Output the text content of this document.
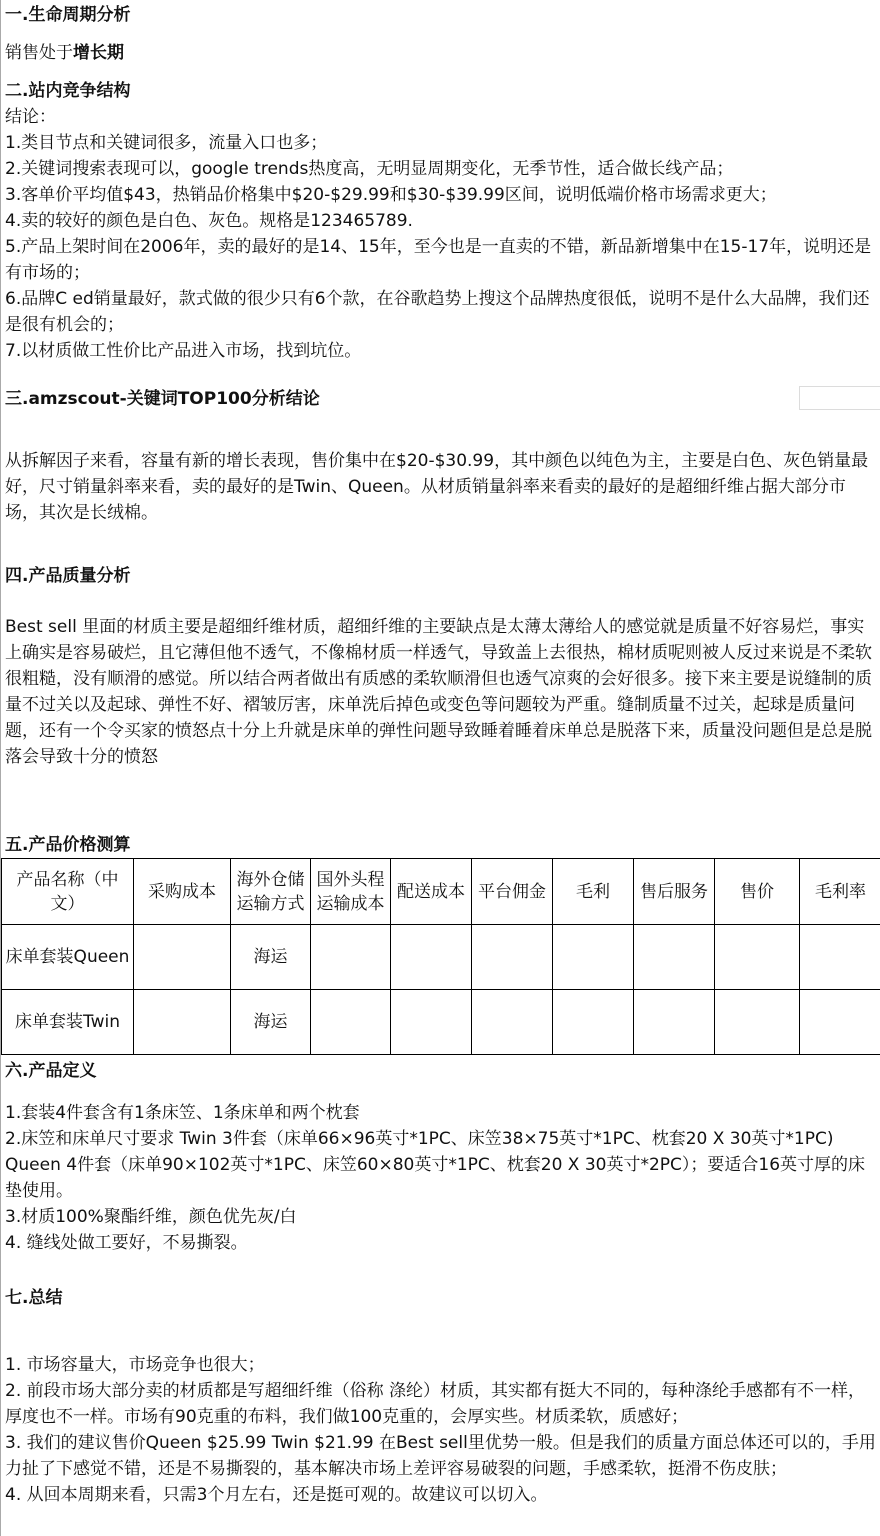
一.生命周期分析

销售处于增长期

二.站内竞争结构

结论：

1.类目节点和关键词很多，流量入口也多；

2.关键词搜索表现可以，google trends热度高，无明显周期变化，无季节性，适合做长线产品；

3.客单价平均值$43，热销品价格集中$20-$29.99和$30-$39.99区间，说明低端价格市场需求更大；

4.卖的较好的颜色是白色、灰色。规格是123465789.

5.产品上架时间在2006年，卖的最好的是14、15年，至今也是一直卖的不错，新品新增集中在15-17年，说明还是有市场的；

6.品牌C ed销量最好，款式做的很少只有6个款，在谷歌趋势上搜这个品牌热度很低，说明不是什么大品牌，我们还是很有机会的；

7.以材质做工性价比产品进入市场，找到坑位。

三.amzscout-关键词TOP100分析结论

从拆解因子来看，容量有新的增长表现，售价集中在$20-$30.99，其中颜色以纯色为主，主要是白色、灰色销量最好，尺寸销量斜率来看，卖的最好的是Twin、Queen。从材质销量斜率来看卖的最好的是超细纤维占据大部分市场，其次是长绒棉。

四.产品质量分析

Best sell 里面的材质主要是超细纤维材质，超细纤维的主要缺点是太薄太薄给人的感觉就是质量不好容易烂，事实上确实是容易破烂，且它薄但他不透气，不像棉材质一样透气，导致盖上去很热，棉材质呢则被人反过来说是不柔软很粗糙，没有顺滑的感觉。所以结合两者做出有质感的柔软顺滑但也透气凉爽的会好很多。接下来主要是说缝制的质量不过关以及起球、弹性不好、褶皱厉害，床单洗后掉色或变色等问题较为严重。缝制质量不过关，起球是质量问题，还有一个令买家的愤怒点十分上升就是床单的弹性问题导致睡着睡着床单总是脱落下来，质量没问题但是总是脱落会导致十分的愤怒

五.产品价格测算
产品名称（中文）	采购成本	海外仓储运输方式	国外头程运输成本	配送成本	平台佣金	毛利	售后服务	售价	毛利率
床单套装Queen		海运							
床单套装Twin		海运							
六.产品定义

1.套装4件套含有1条床笠、1条床单和两个枕套

2.床笠和床单尺寸要求 Twin 3件套（床单66×96英寸*1PC、床笠38×75英寸*1PC、枕套20 X 30英寸*1PC) Queen 4件套（床单90×102英寸*1PC、床笠60×80英寸*1PC、枕套20 X 30英寸*2PC）；要适合16英寸厚的床垫使用。

3.材质100%聚酯纤维，颜色优先灰/白

4. 缝线处做工要好，不易撕裂。

七.总结

1. 市场容量大，市场竞争也很大；

2. 前段市场大部分卖的材质都是写超细纤维（俗称 涤纶）材质，其实都有挺大不同的，每种涤纶手感都有不一样，厚度也不一样。市场有90克重的布料，我们做100克重的，会厚实些。材质柔软，质感好；

3. 我们的建议售价Queen $25.99 Twin $21.99 在Best sell里优势一般。但是我们的质量方面总体还可以的，手用力扯了下感觉不错，还是不易撕裂的，基本解决市场上差评容易破裂的问题，手感柔软，挺滑不伤皮肤；

4. 从回本周期来看，只需3个月左右，还是挺可观的。故建议可以切入。
